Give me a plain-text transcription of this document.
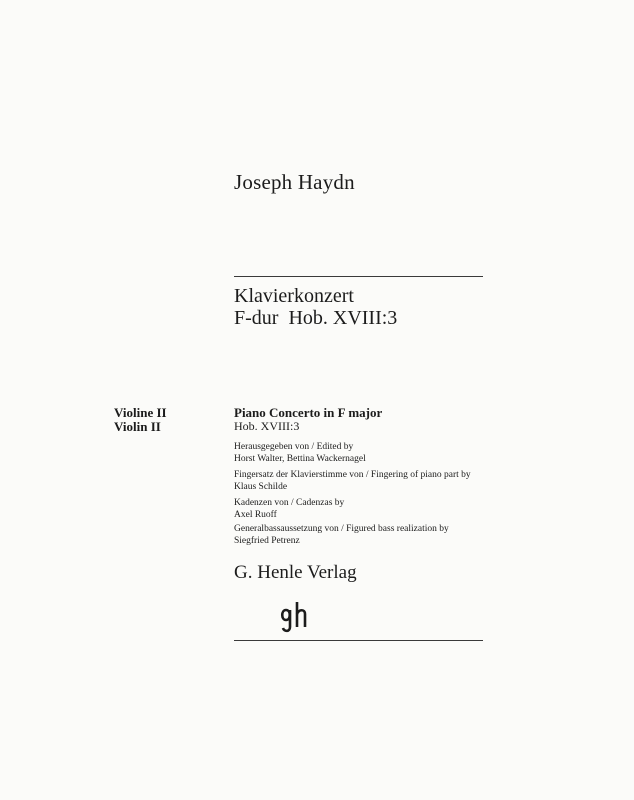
Joseph Haydn
Klavierkonzert
F-dur  Hob. XVIII:3
Violine II
Violin II
Piano Concerto in F major
Hob. XVIII:3
Herausgegeben von / Edited by
Horst Walter, Bettina Wackernagel
Fingersatz der Klavierstimme von / Fingering of piano part by
Klaus Schilde
Kadenzen von / Cadenzas by
Axel Ruoff
Generalbassaussetzung von / Figured bass realization by
Siegfried Petrenz
G. Henle Verlag
